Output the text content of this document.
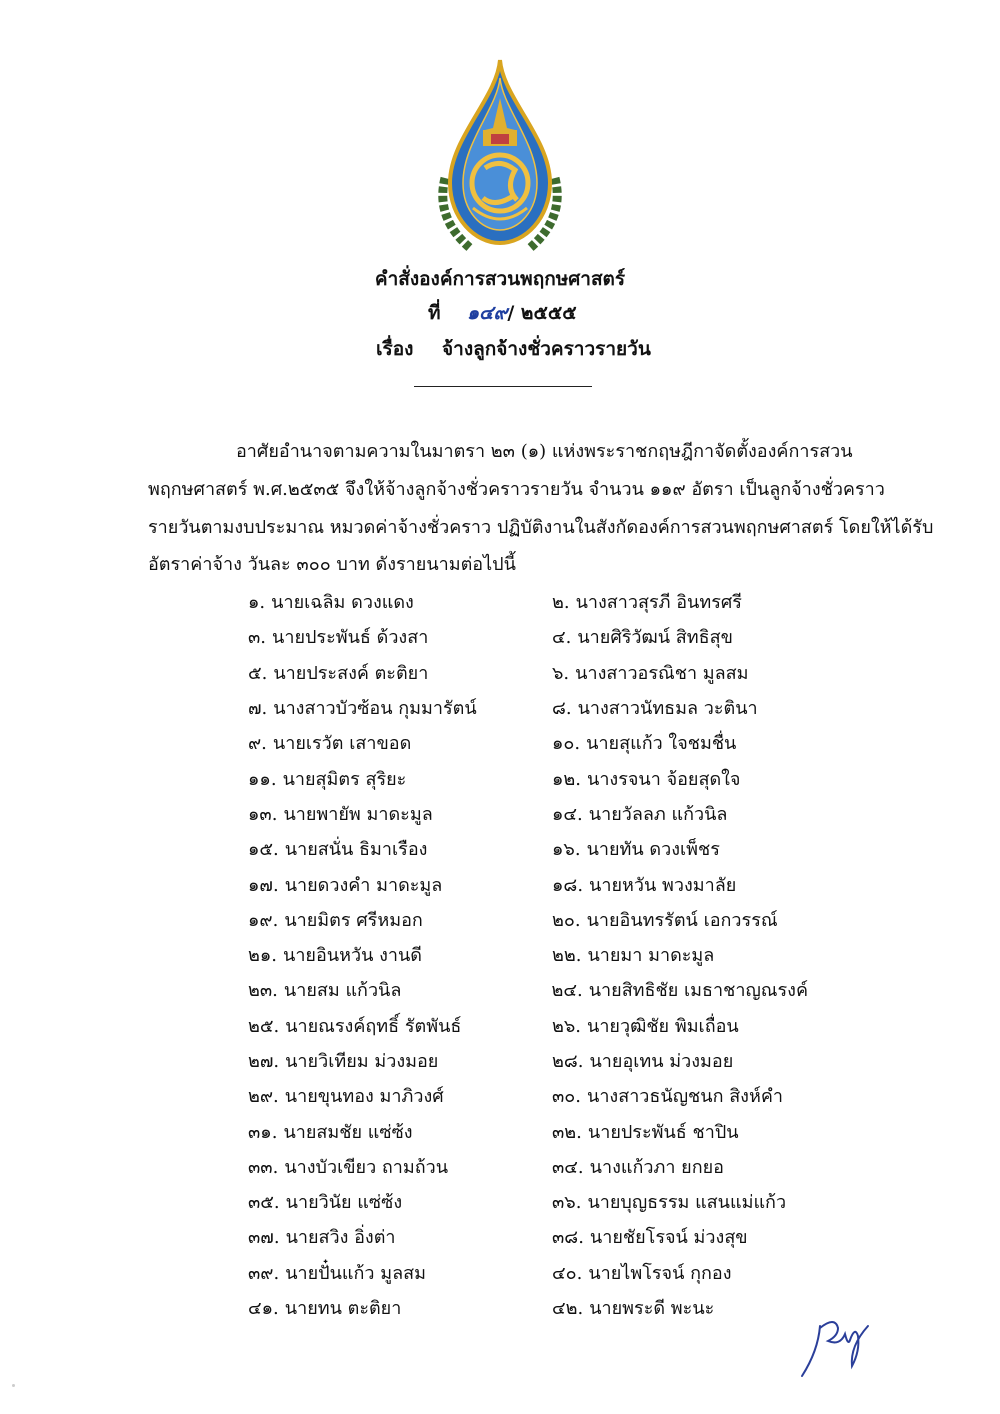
คำสั่งองค์การสวนพฤกษศาสตร์
ที่ ๑๔๙/ ๒๕๕๕
เรื่อง จ้างลูกจ้างชั่วคราวรายวัน
อาศัยอำนาจตามความในมาตรา ๒๓ (๑) แห่งพระราชกฤษฎีกาจัดตั้งองค์การสวน
พฤกษศาสตร์ พ.ศ.๒๕๓๕ จึงให้จ้างลูกจ้างชั่วคราวรายวัน จำนวน ๑๑๙ อัตรา เป็นลูกจ้างชั่วคราว
รายวันตามงบประมาณ หมวดค่าจ้างชั่วคราว ปฏิบัติงานในสังกัดองค์การสวนพฤกษศาสตร์ โดยให้ได้รับ
อัตราค่าจ้าง วันละ ๓๐๐ บาท ดังรายนามต่อไปนี้
๑. นายเฉลิม ดวงแดง	๒. นางสาวสุรภี อินทรศรี
๓. นายประพันธ์ ด้วงสา	๔. นายศิริวัฒน์ สิทธิสุข
๕. นายประสงค์ ตะติยา	๖. นางสาวอรณิชา มูลสม
๗. นางสาวบัวซ้อน กุมมารัตน์	๘. นางสาวนัทธมล วะตินา
๙. นายเรวัต เสาขอด	๑๐. นายสุแก้ว ใจชมชื่น
๑๑. นายสุมิตร สุริยะ	๑๒. นางรจนา จ้อยสุดใจ
๑๓. นายพายัพ มาดะมูล	๑๔. นายวัลลภ แก้วนิล
๑๕. นายสนั่น ธิมาเรือง	๑๖. นายทัน ดวงเพ็ชร
๑๗. นายดวงคำ มาดะมูล	๑๘. นายหวัน พวงมาลัย
๑๙. นายมิตร ศรีหมอก	๒๐. นายอินทรรัตน์ เอกวรรณ์
๒๑. นายอินหวัน งานดี	๒๒. นายมา มาดะมูล
๒๓. นายสม แก้วนิล	๒๔. นายสิทธิชัย เมธาชาญณรงค์
๒๕. นายณรงค์ฤทธิ์ รัตพันธ์	๒๖. นายวุฒิชัย พิมเถื่อน
๒๗. นายวิเทียม ม่วงมอย	๒๘. นายอุเทน ม่วงมอย
๒๙. นายขุนทอง มาภิวงศ์	๓๐. นางสาวธนัญชนก สิงห์คำ
๓๑. นายสมชัย แซ่ซ้ง	๓๒. นายประพันธ์ ชาปิน
๓๓. นางบัวเขียว ถามถ้วน	๓๔. นางแก้วภา ยกยอ
๓๕. นายวินัย แซ่ซ้ง	๓๖. นายบุญธรรม แสนแม่แก้ว
๓๗. นายสวิง อิ่งต่า	๓๘. นายชัยโรจน์ ม่วงสุข
๓๙. นายปั๋นแก้ว มูลสม	๔๐. นายไพโรจน์ กุกอง
๔๑. นายทน ตะติยา	๔๒. นายพระดี พะนะ
